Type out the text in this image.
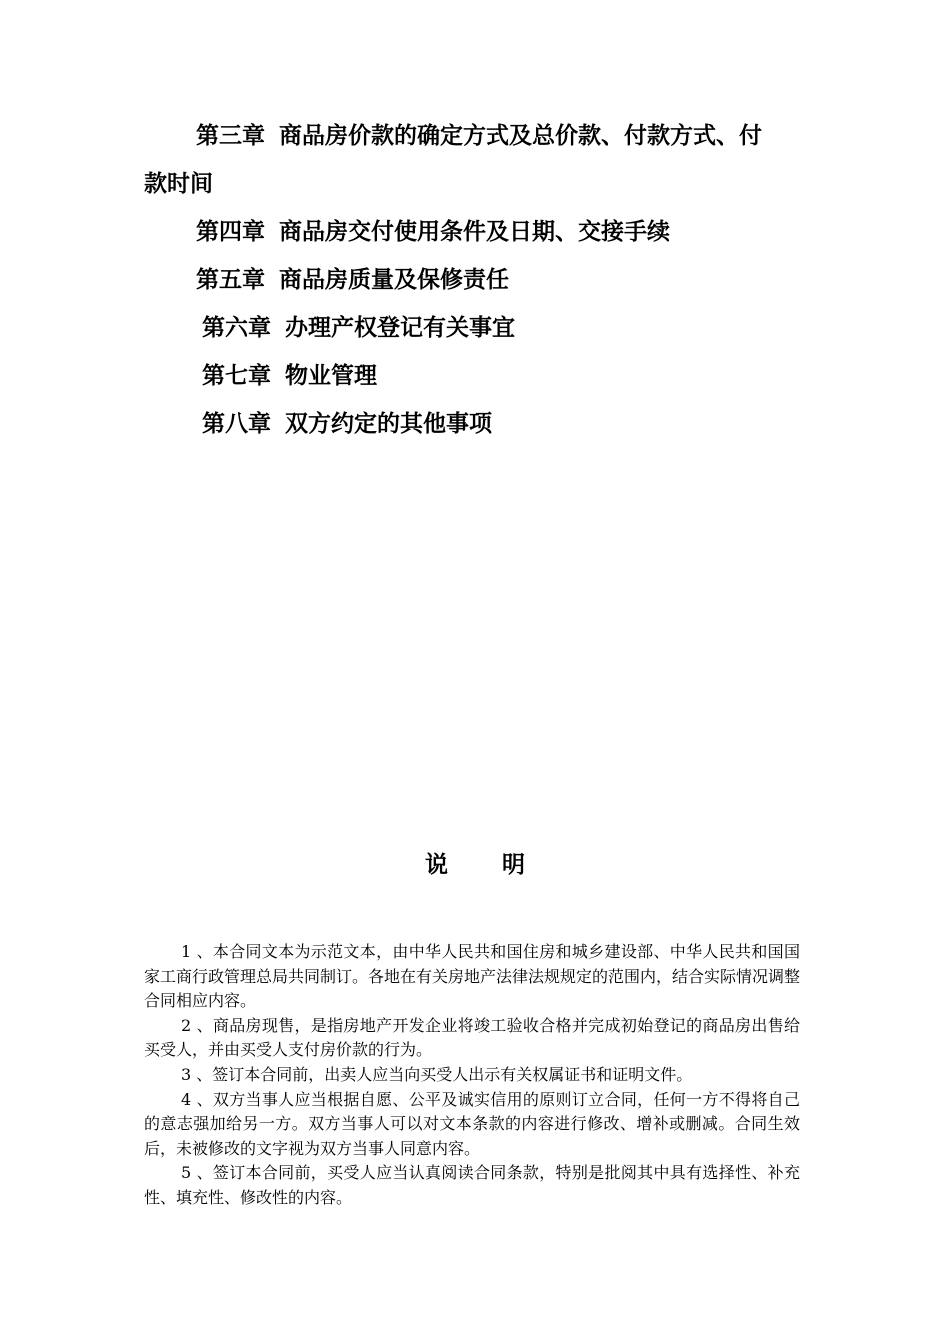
第三章 商品房价款的确定方式及总价款、付款方式、付
款时间
第四章 商品房交付使用条件及日期、交接手续
第五章 商品房质量及保修责任
第六章 办理产权登记有关事宜
第七章 物业管理
第八章 双方约定的其他事项
说明

1 、本合同文本为示范文本，由中华人民共和国住房和城乡建设部、中华人民共和国国家工商行政管理总局共同制订。各地在有关房地产法律法规规定的范围内，结合实际情况调整合同相应内容。

2 、商品房现售，是指房地产开发企业将竣工验收合格并完成初始登记的商品房出售给买受人，并由买受人支付房价款的行为。

3 、签订本合同前，出卖人应当向买受人出示有关权属证书和证明文件。

4 、双方当事人应当根据自愿、公平及诚实信用的原则订立合同，任何一方不得将自己的意志强加给另一方。双方当事人可以对文本条款的内容进行修改、增补或删减。合同生效后，未被修改的文字视为双方当事人同意内容。

5 、签订本合同前，买受人应当认真阅读合同条款，特别是批阅其中具有选择性、补充性、填充性、修改性的内容。
